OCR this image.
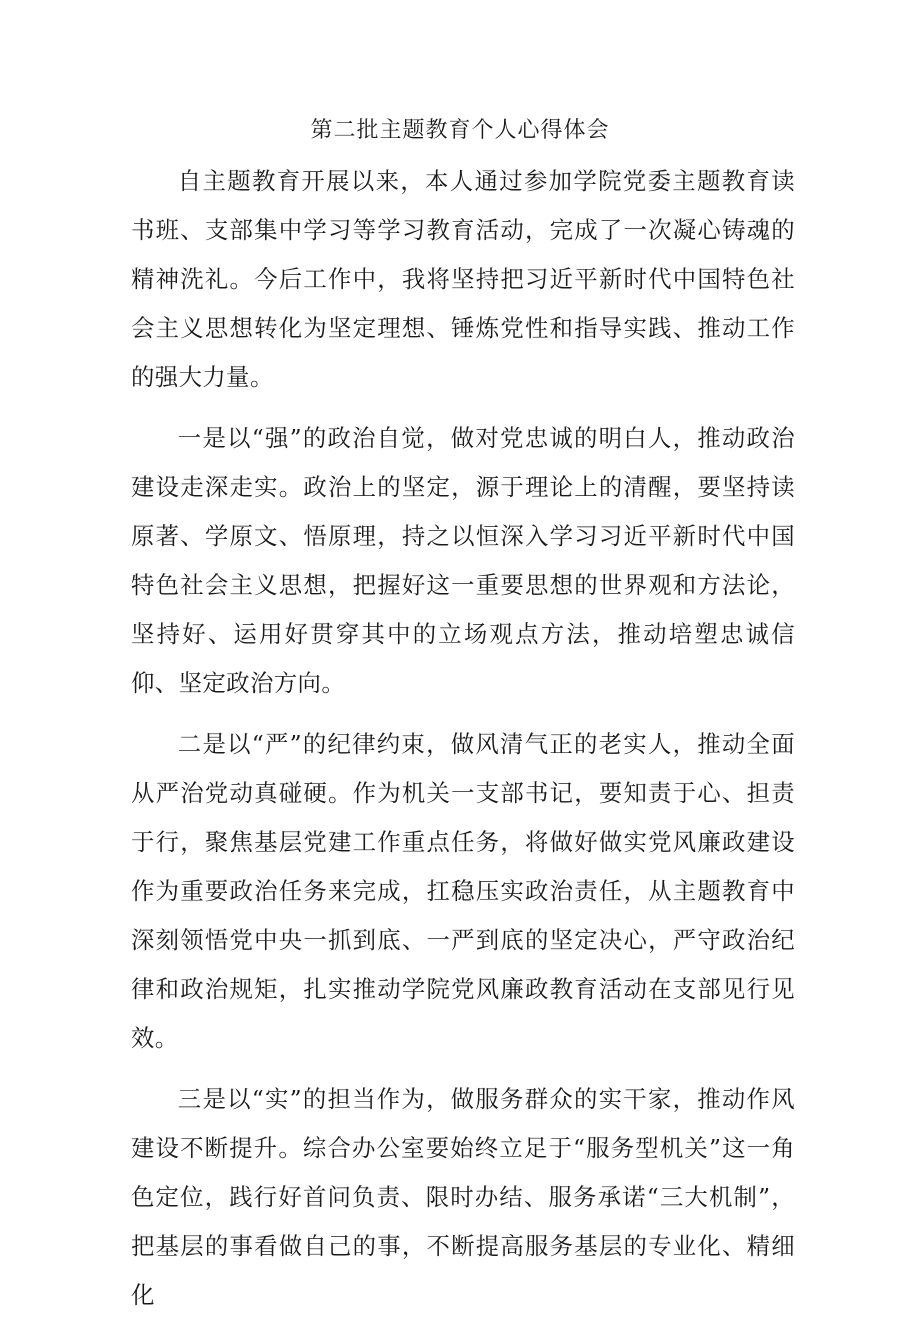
第二批主题教育个人心得体会

自主题教育开展以来，本人通过参加学院党委主题教育读书班、支部集中学习等学习教育活动，完成了一次凝心铸魂的精神洗礼。今后工作中，我将坚持把习近平新时代中国特色社会主义思想转化为坚定理想、锤炼党性和指导实践、推动工作的强大力量。

一是以“强”的政治自觉，做对党忠诚的明白人，推动政治建设走深走实。政治上的坚定，源于理论上的清醒，要坚持读原著、学原文、悟原理，持之以恒深入学习习近平新时代中国特色社会主义思想，把握好这一重要思想的世界观和方法论，坚持好、运用好贯穿其中的立场观点方法，推动培塑忠诚信仰、坚定政治方向。

二是以“严”的纪律约束，做风清气正的老实人，推动全面从严治党动真碰硬。作为机关一支部书记，要知责于心、担责于行，聚焦基层党建工作重点任务，将做好做实党风廉政建设作为重要政治任务来完成，扛稳压实政治责任，从主题教育中深刻领悟党中央一抓到底、一严到底的坚定决心，严守政治纪律和政治规矩，扎实推动学院党风廉政教育活动在支部见行见效。

三是以“实”的担当作为，做服务群众的实干家，推动作风建设不断提升。综合办公室要始终立足于“服务型机关”这一角色定位，践行好首问负责、限时办结、服务承诺“三大机制”，把基层的事看做自己的事，不断提高服务基层的专业化、精细化
